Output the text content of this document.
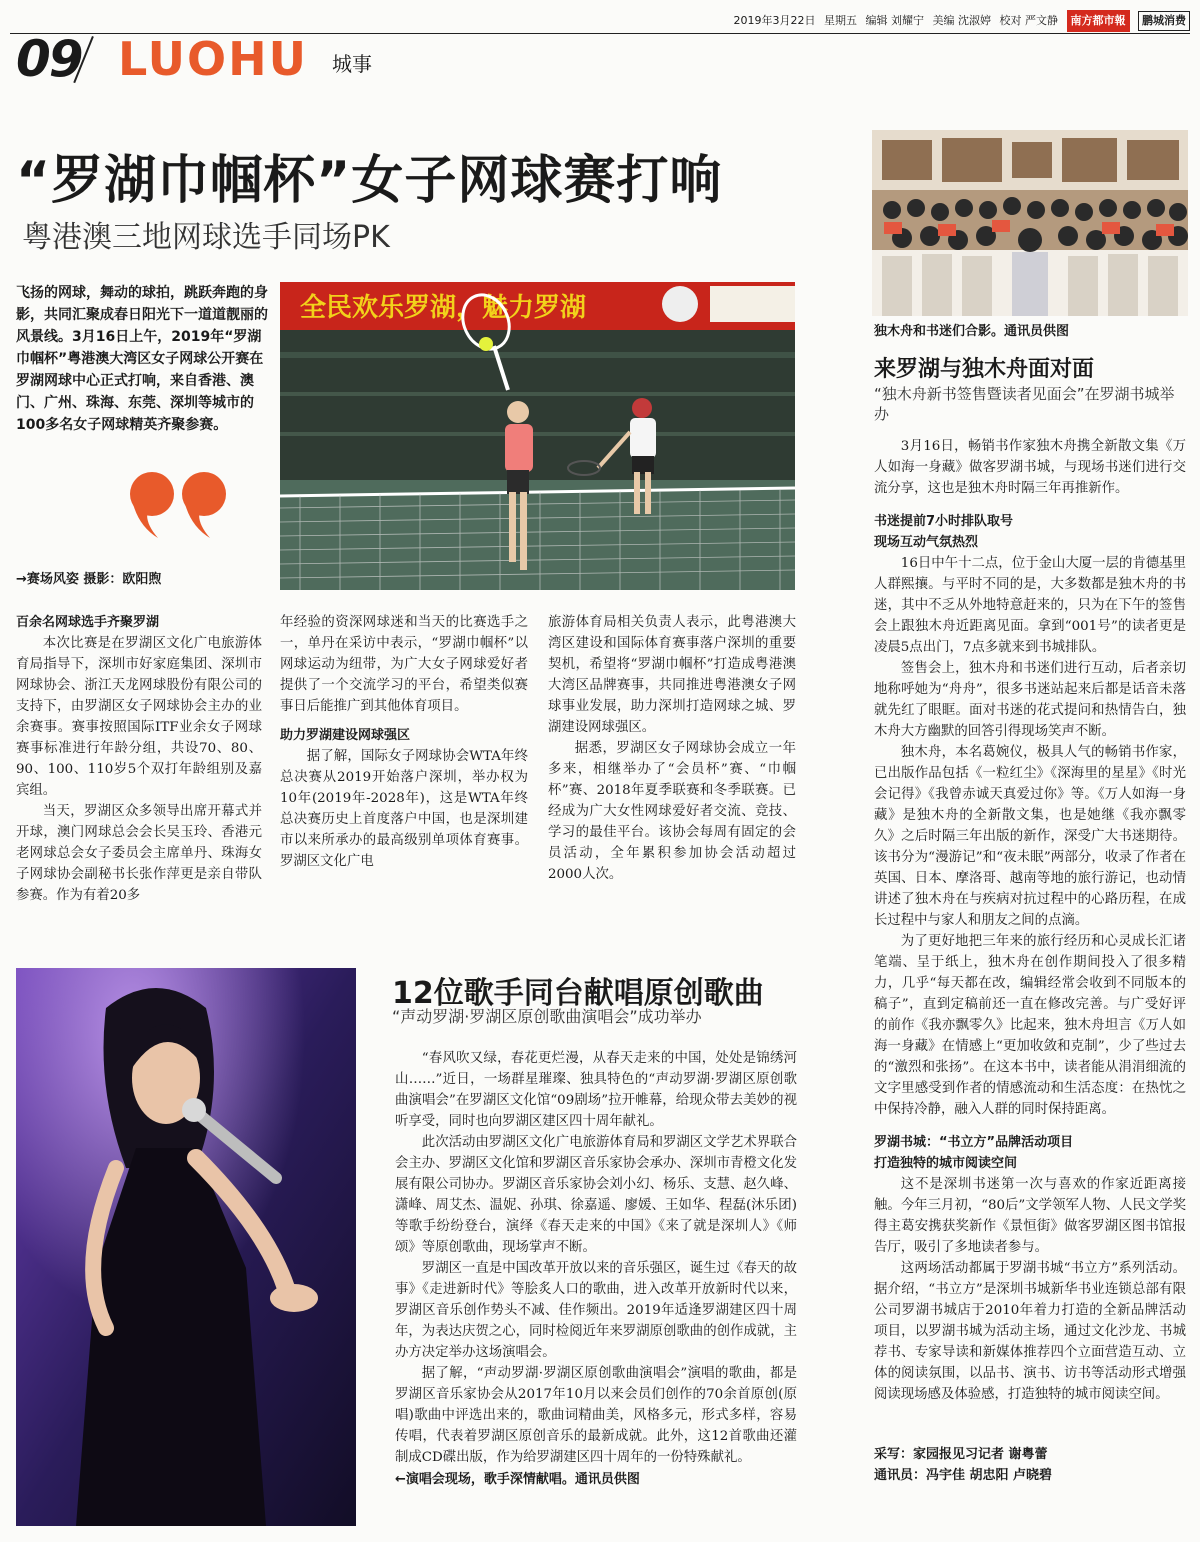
2019年3月22日 星期五 编辑 刘耀宁 美编 沈淑婷 校对 严文静 南方都市報 鹏城消费
09 LUOHU 城事
“罗湖巾帼杯”女子网球赛打响
粤港澳三地网球选手同场PK
飞扬的网球，舞动的球拍，跳跃奔跑的身影，共同汇聚成春日阳光下一道道靓丽的风景线。3月16日上午，2019年“罗湖巾帼杯”粤港澳大湾区女子网球公开赛在罗湖网球中心正式打响，来自香港、澳门、广州、珠海、东莞、深圳等城市的100多名女子网球精英齐聚参赛。
→赛场风姿 摄影：欧阳煦
全民欢乐罗湖，魅力罗湖
百余名网球选手齐聚罗湖

本次比赛是在罗湖区文化广电旅游体育局指导下，深圳市好家庭集团、深圳市网球协会、浙江天龙网球股份有限公司的支持下，由罗湖区女子网球协会主办的业余赛事。赛事按照国际ITF业余女子网球赛事标准进行年龄分组，共设70、80、90、100、110岁5个双打年龄组别及嘉宾组。

当天，罗湖区众多领导出席开幕式并开球，澳门网球总会会长吴玉玲、香港元老网球总会女子委员会主席单丹、珠海女子网球协会副秘书长张作萍更是亲自带队参赛。作为有着20多

年经验的资深网球迷和当天的比赛选手之一，单丹在采访中表示，“罗湖巾帼杯”以网球运动为纽带，为广大女子网球爱好者提供了一个交流学习的平台，希望类似赛事日后能推广到其他体育项目。

助力罗湖建设网球强区

据了解，国际女子网球协会WTA年终总决赛从2019开始落户深圳，举办权为10年(2019年-2028年)，这是WTA年终总决赛历史上首度落户中国，也是深圳建市以来所承办的最高级别单项体育赛事。罗湖区文化广电

旅游体育局相关负责人表示，此粤港澳大湾区建设和国际体育赛事落户深圳的重要契机，希望将“罗湖巾帼杯”打造成粤港澳大湾区品牌赛事，共同推进粤港澳女子网球事业发展，助力深圳打造网球之城、罗湖建设网球强区。

据悉，罗湖区女子网球协会成立一年多来，相继举办了“会员杯”赛、“巾帼杯”赛、2018年夏季联赛和冬季联赛。已经成为广大女性网球爱好者交流、竞技、学习的最佳平台。该协会每周有固定的会员活动，全年累积参加协会活动超过2000人次。

12位歌手同台献唱原创歌曲
“声动罗湖·罗湖区原创歌曲演唱会”成功举办

“春风吹又绿，春花更烂漫，从春天走来的中国，处处是锦绣河山……”近日，一场群星璀璨、独具特色的“声动罗湖·罗湖区原创歌曲演唱会”在罗湖区文化馆“09剧场”拉开帷幕，给现众带去美妙的视听享受，同时也向罗湖区建区四十周年献礼。

此次活动由罗湖区文化广电旅游体育局和罗湖区文学艺术界联合会主办、罗湖区文化馆和罗湖区音乐家协会承办、深圳市青橙文化发展有限公司协办。罗湖区音乐家协会刘小幻、杨乐、支慧、赵久峰、潇峰、周艾杰、温妮、孙琪、徐嘉遥、廖媛、王如华、程磊(沐乐团)等歌手纷纷登台，演绎《春天走来的中国》《来了就是深圳人》《师颂》等原创歌曲，现场掌声不断。

罗湖区一直是中国改革开放以来的音乐强区，诞生过《春天的故事》《走进新时代》等脍炙人口的歌曲，进入改革开放新时代以来，罗湖区音乐创作势头不减、佳作频出。2019年适逢罗湖建区四十周年，为表达庆贺之心，同时检阅近年来罗湖原创歌曲的创作成就，主办方决定举办这场演唱会。

据了解，“声动罗湖·罗湖区原创歌曲演唱会”演唱的歌曲，都是罗湖区音乐家协会从2017年10月以来会员们创作的70余首原创(原唱)歌曲中评选出来的，歌曲词精曲美，风格多元，形式多样，容易传唱，代表着罗湖区原创音乐的最新成就。此外，这12首歌曲还灌制成CD碟出版，作为给罗湖建区四十周年的一份特殊献礼。

←演唱会现场，歌手深情献唱。通讯员供图
独木舟和书迷们合影。通讯员供图
来罗湖与独木舟面对面
“独木舟新书签售暨读者见面会”在罗湖书城举办

3月16日，畅销书作家独木舟携全新散文集《万人如海一身藏》做客罗湖书城，与现场书迷们进行交流分享，这也是独木舟时隔三年再推新作。

书迷提前7小时排队取号
现场互动气氛热烈

16日中午十二点，位于金山大厦一层的肯德基里人群熙攘。与平时不同的是，大多数都是独木舟的书迷，其中不乏从外地特意赶来的，只为在下午的签售会上跟独木舟近距离见面。拿到“001号”的读者更是凌晨5点出门，7点多就来到书城排队。

签售会上，独木舟和书迷们进行互动，后者亲切地称呼她为“舟舟”，很多书迷站起来后都是话音未落就先红了眼眶。面对书迷的花式提问和热情告白，独木舟大方幽默的回答引得现场笑声不断。

独木舟，本名葛婉仪，极具人气的畅销书作家，已出版作品包括《一粒红尘》《深海里的星星》《时光会记得》《我曾赤诚天真爱过你》等。《万人如海一身藏》是独木舟的全新散文集，也是她继《我亦飘零久》之后时隔三年出版的新作，深受广大书迷期待。该书分为“漫游记”和“夜未眠”两部分，收录了作者在英国、日本、摩洛哥、越南等地的旅行游记，也动情讲述了独木舟在与疾病对抗过程中的心路历程，在成长过程中与家人和朋友之间的点滴。

为了更好地把三年来的旅行经历和心灵成长汇诸笔端、呈于纸上，独木舟在创作期间投入了很多精力，几乎“每天都在改，编辑经常会收到不同版本的稿子”，直到定稿前还一直在修改完善。与广受好评的前作《我亦飘零久》比起来，独木舟坦言《万人如海一身藏》在情感上“更加收敛和克制”，少了些过去的“激烈和张扬”。在这本书中，读者能从涓涓细流的文字里感受到作者的情感流动和生活态度：在热忱之中保持冷静，融入人群的同时保持距离。

罗湖书城：“书立方”品牌活动项目
打造独特的城市阅读空间

这不是深圳书迷第一次与喜欢的作家近距离接触。今年三月初，“80后”文学领军人物、人民文学奖得主葛安携获奖新作《景恒街》做客罗湖区图书馆报告厅，吸引了多地读者参与。

这两场活动都属于罗湖书城“书立方”系列活动。据介绍，“书立方”是深圳书城新华书业连锁总部有限公司罗湖书城店于2010年着力打造的全新品牌活动项目，以罗湖书城为活动主场，通过文化沙龙、书城荐书、专家导读和新媒体推荐四个立面营造互动、立体的阅读氛围，以品书、演书、访书等活动形式增强阅读现场感及体验感，打造独特的城市阅读空间。

采写：家园报见习记者 谢粤蕾
通讯员：冯宇佳 胡忠阳 卢晓碧
